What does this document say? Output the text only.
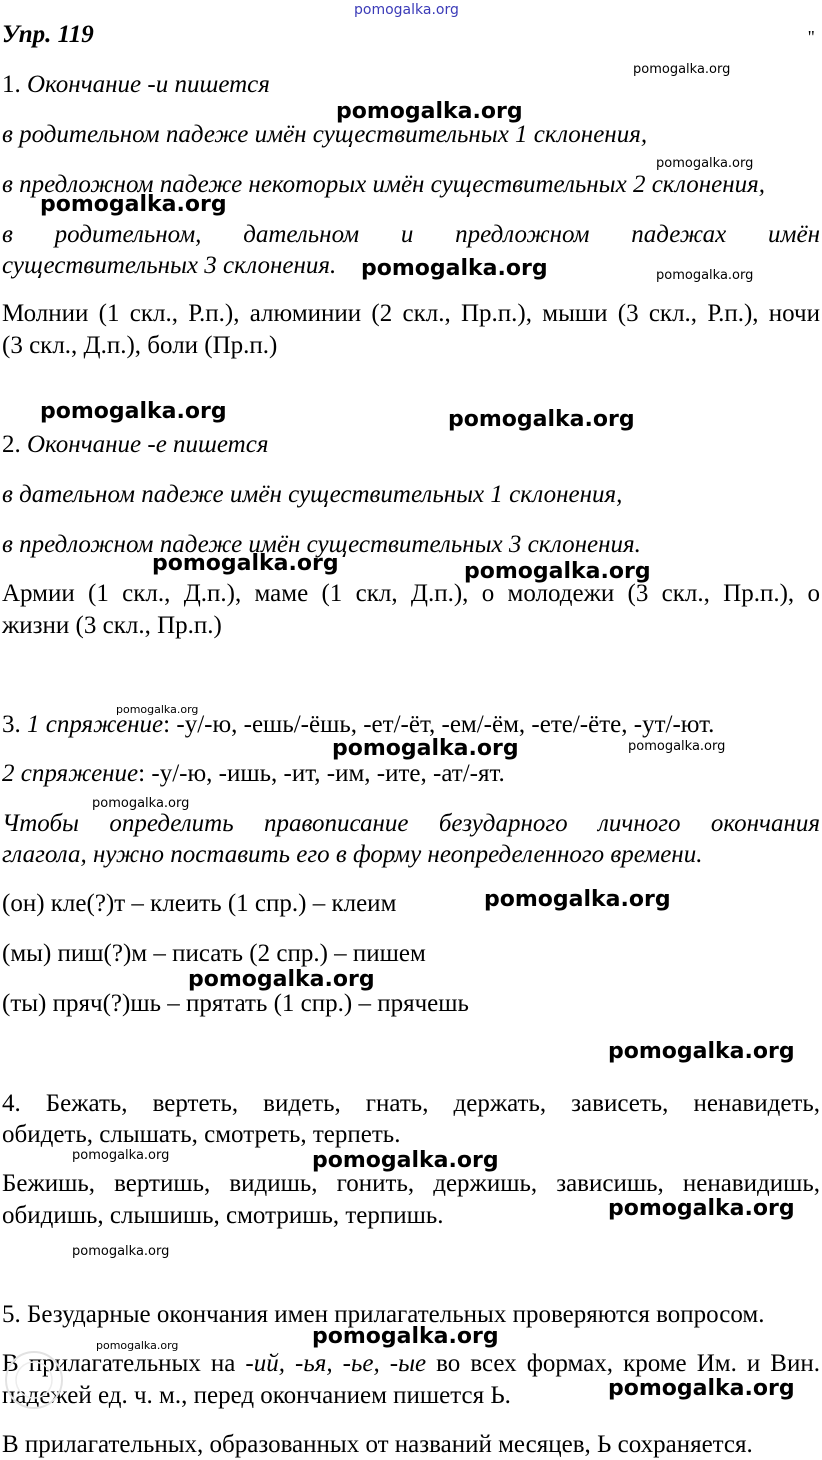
pomogalka.org
Упр. 119	''
1. Окончание -и пишется
в родительном падеже имён существительных 1 склонения,
в предложном падеже некоторых имён существительных 2 склонения,
в родительном, дательном и предложном падежах имён
существительных 3 склонения.
Молнии (1 скл., Р.п.), алюминии (2 скл., Пр.п.), мыши (3 скл., Р.п.), ночи
(3 скл., Д.п.), боли (Пр.п.)
2. Окончание -е пишется
в дательном падеже имён существительных 1 склонения,
в предложном падеже имён существительных 3 склонения.
Армии (1 скл., Д.п.), маме (1 скл, Д.п.), о молодежи (3 скл., Пр.п.), о
жизни (3 скл., Пр.п.)
3. 1 спряжение: -у/-ю, -ешь/-ёшь, -ет/-ёт, -ем/-ём, -ете/-ёте, -ут/-ют.
2 спряжение: -у/-ю, -ишь, -ит, -им, -ите, -ат/-ят.
Чтобы определить правописание безударного личного окончания
глагола, нужно поставить его в форму неопределенного времени.
(он) кле(?)т – клеить (1 спр.) – клеим
(мы) пиш(?)м – писать (2 спр.) – пишем
(ты) пряч(?)шь – прятать (1 спр.) – прячешь
4. Бежать, вертеть, видеть, гнать, держать, зависеть, ненавидеть,
обидеть, слышать, смотреть, терпеть.
Бежишь, вертишь, видишь, гонить, держишь, зависишь, ненавидишь,
обидишь, слышишь, смотришь, терпишь.
5. Безударные окончания имен прилагательных проверяются вопросом.
В прилагательных на -ий, -ья, -ье, -ые во всех формах, кроме Им. и Вин.
падежей ед. ч. м., перед окончанием пишется Ь.
В прилагательных, образованных от названий месяцев, Ь сохраняется.
pomogalka.org
pomogalka.org
pomogalka.org
pomogalka.org
pomogalka.org	pomogalka.org
pomogalka.org	pomogalka.org
pomogalka.org	pomogalka.org
pomogalka.org
pomogalka.org	pomogalka.org
pomogalka.org
pomogalka.org
pomogalka.org
pomogalka.org
pomogalka.org	pomogalka.org
pomogalka.org
pomogalka.org
pomogalka.org
pomogalka.org
pomogalka.org
